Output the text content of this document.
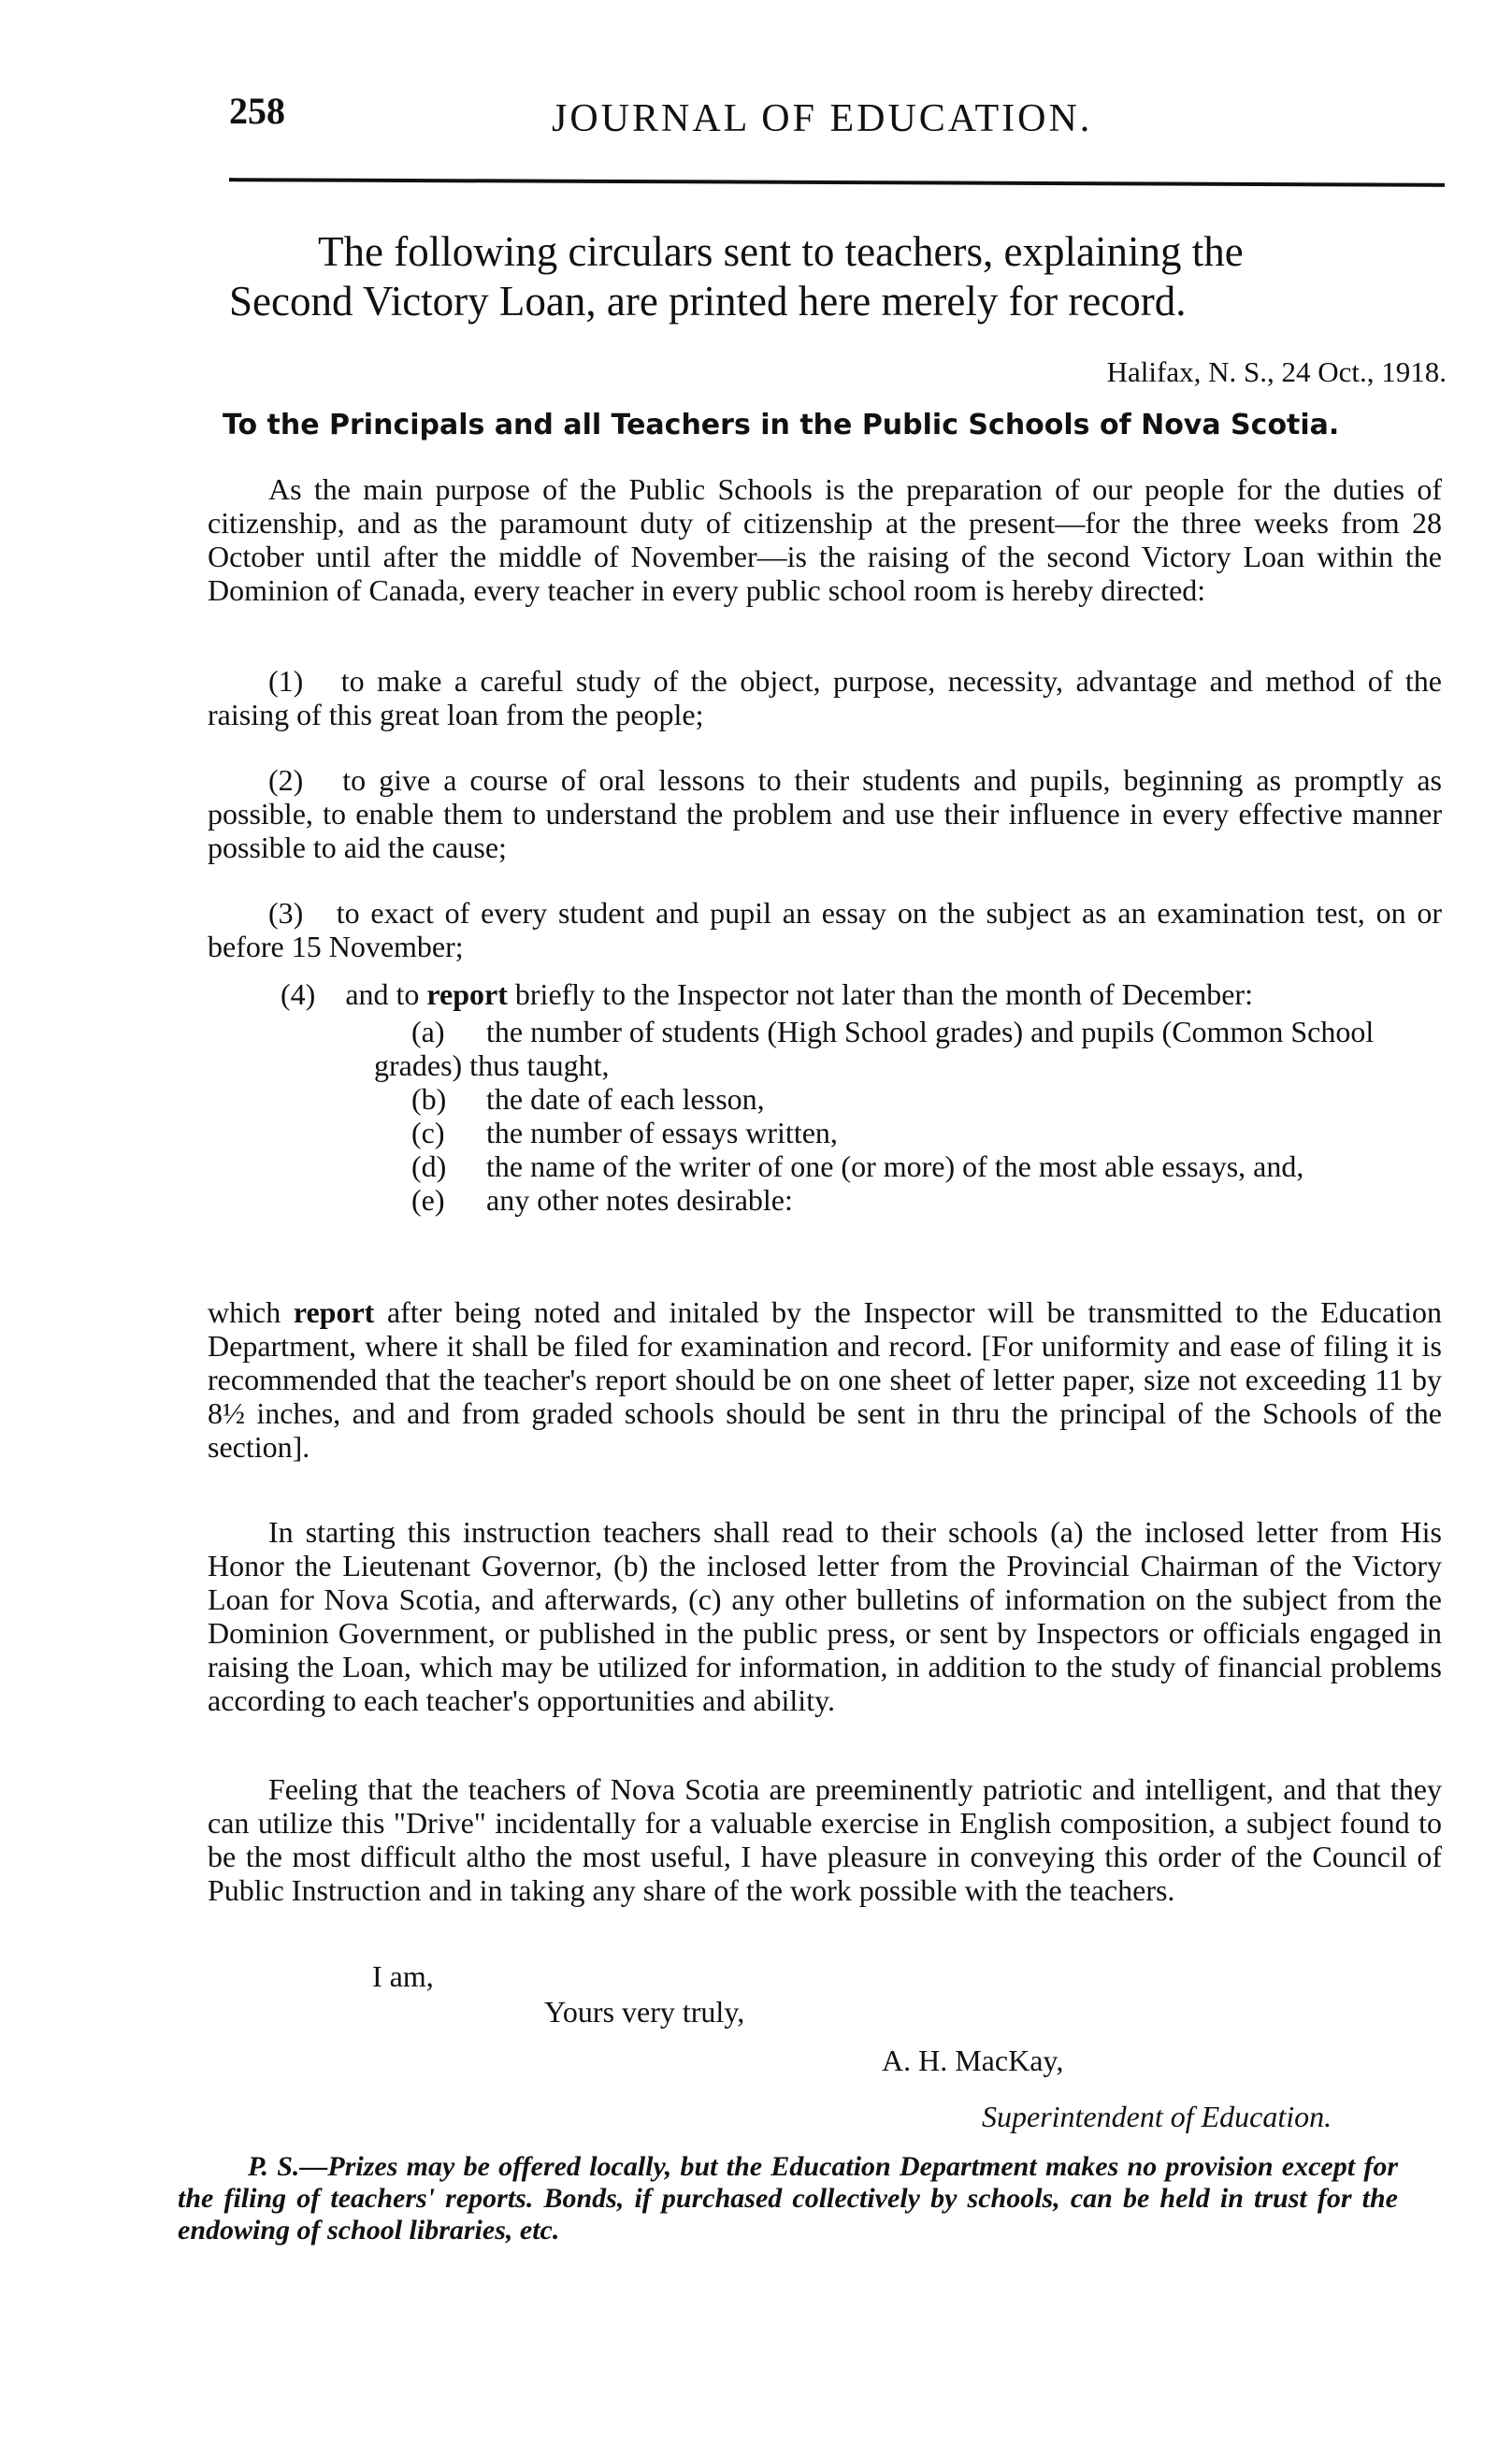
258	JOURNAL OF EDUCATION.
The following circulars sent to teachers, explaining the
Second Victory Loan, are printed here merely for record.
Halifax, N. S., 24 Oct., 1918.
To the Principals and all Teachers in the Public Schools of Nova Scotia.

As the main purpose of the Public Schools is the preparation of our people for the duties of citizenship, and as the paramount duty of citizenship at the present—for the three weeks from 28 October until after the middle of November—is the raising of the second Victory Loan within the Dominion of Canada, every teacher in every public school room is hereby directed:

(1) to make a careful study of the object, purpose, necessity, advantage and method of the raising of this great loan from the people;

(2) to give a course of oral lessons to their students and pupils, beginning as promptly as possible, to enable them to understand the problem and use their influence in every effective manner possible to aid the cause;

(3) to exact of every student and pupil an essay on the subject as an examination test, on or before 15 November;

(4) and to report briefly to the Inspector not later than the month of December:

(a) the number of students (High School grades) and pupils (Common School grades) thus taught,
(b) the date of each lesson,
(c) the number of essays written,
(d) the name of the writer of one (or more) of the most able essays, and,
(e) any other notes desirable:

which report after being noted and initaled by the Inspector will be transmitted to the Education Department, where it shall be filed for examination and record. [For uniformity and ease of filing it is recommended that the teacher's report should be on one sheet of letter paper, size not exceeding 11 by 8½ inches, and and from graded schools should be sent in thru the principal of the Schools of the section].

In starting this instruction teachers shall read to their schools (a) the inclosed letter from His Honor the Lieutenant Governor, (b) the inclosed letter from the Provincial Chairman of the Victory Loan for Nova Scotia, and afterwards, (c) any other bulletins of information on the subject from the Dominion Government, or published in the public press, or sent by Inspectors or officials engaged in raising the Loan, which may be utilized for information, in addition to the study of financial problems according to each teacher's opportunities and ability.

Feeling that the teachers of Nova Scotia are preeminently patriotic and intelligent, and that they can utilize this "Drive" incidentally for a valuable exercise in English composition, a subject found to be the most difficult altho the most useful, I have pleasure in conveying this order of the Council of Public Instruction and in taking any share of the work possible with the teachers.

I am,
Yours very truly,
A. H. MacKay,
Superintendent of Education.
P. S.—Prizes may be offered locally, but the Education Department makes no provision except for the filing of teachers' reports. Bonds, if purchased collectively by schools, can be held in trust for the endowing of school libraries, etc.
